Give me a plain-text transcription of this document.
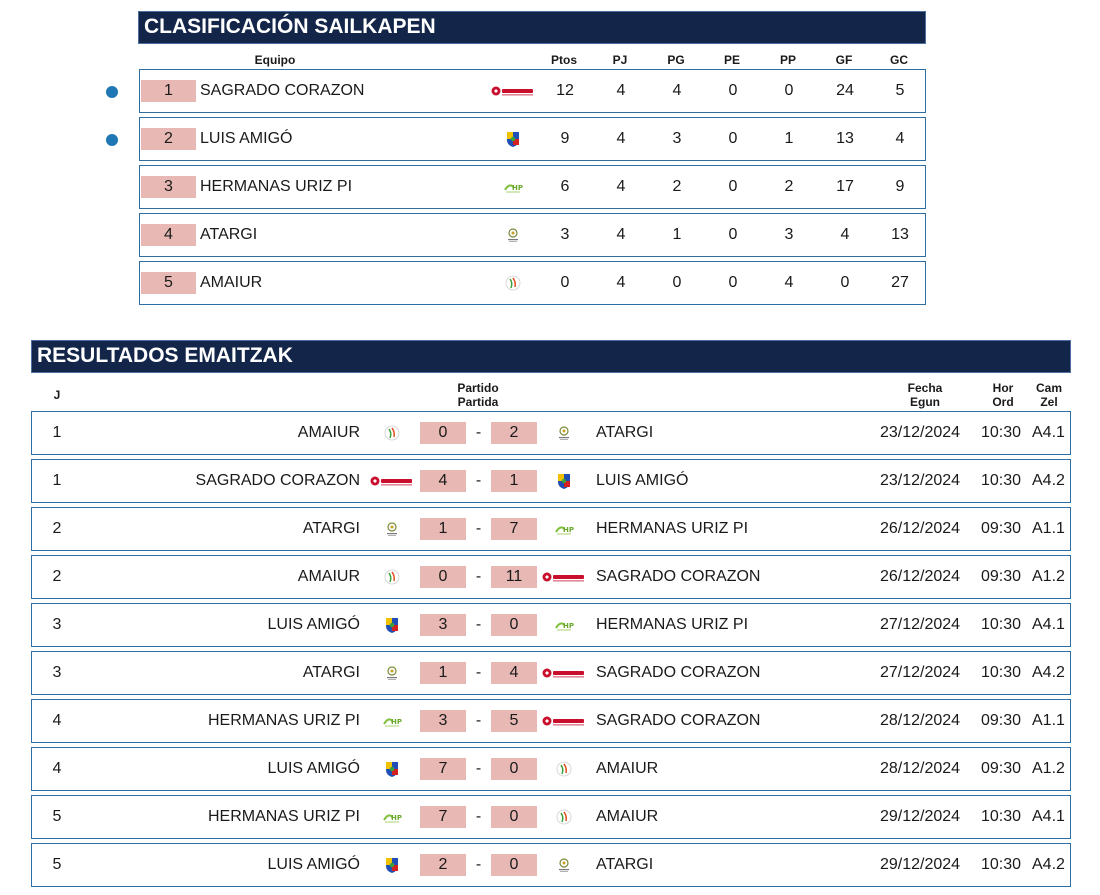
CLASIFICACIÓN SAILKAPEN
Equipo	Ptos	PJ	PG	PE	PP	GF	GC
1	SAGRADO CORAZON	12	4	4	0	0	24	5
2	LUIS AMIGÓ	9	4	3	0	1	13	4
3	HERMANAS URIZ PI	HP	6	4	2	0	2	17	9
4	ATARGI	3	4	1	0	3	4	13
5	AMAIUR	0	4	0	0	4	0	27
RESULTADOS EMAITZAK
J	Partido
Partida
Fecha
Egun
Hor
Ord
Cam
Zel
1	AMAIUR	0	-	2	ATARGI	23/12/2024 10:30 A4.1
1	SAGRADO CORAZON	4	-	1	LUIS AMIGÓ	23/12/2024 10:30 A4.2
2	ATARGI	1	-	7	HP HERMANAS URIZ PI	26/12/2024 09:30 A1.1
2	AMAIUR	0	-	11	SAGRADO CORAZON	26/12/2024 09:30 A1.2
3	LUIS AMIGÓ	3	-	0	HP HERMANAS URIZ PI	27/12/2024 10:30 A4.1
3	ATARGI	1	-	4	SAGRADO CORAZON	27/12/2024 10:30 A4.2
4	HERMANAS URIZ PI	HP	3	-	5	SAGRADO CORAZON	28/12/2024 09:30 A1.1
4	LUIS AMIGÓ	7	-	0	AMAIUR	28/12/2024 09:30 A1.2
5	HERMANAS URIZ PI	HP	7	-	0	AMAIUR	29/12/2024 10:30 A4.1
5	LUIS AMIGÓ	2	-	0	ATARGI	29/12/2024 10:30 A4.2
